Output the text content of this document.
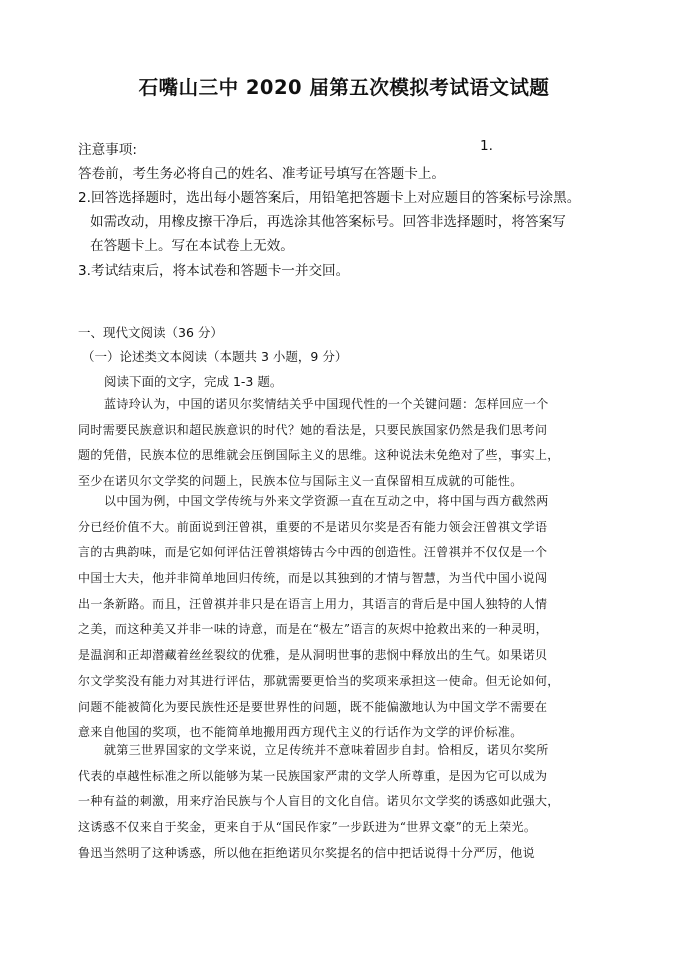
石嘴山三中 2020 届第五次模拟考试语文试题
注意事项:	1.
答卷前，考生务必将自己的姓名、准考证号填写在答题卡上。
2.回答选择题时，选出每小题答案后，用铅笔把答题卡上对应题目的答案标号涂黑。
如需改动，用橡皮擦干净后，再选涂其他答案标号。回答非选择题时，将答案写
在答题卡上。写在本试卷上无效。
3.考试结束后，将本试卷和答题卡一并交回。
一、现代文阅读（36 分）
（一）论述类文本阅读（本题共 3 小题，9 分）
阅读下面的文字，完成 1-3 题。
蓝诗玲认为，中国的诺贝尔奖情结关乎中国现代性的一个关键问题：怎样回应一个
同时需要民族意识和超民族意识的时代？她的看法是，只要民族国家仍然是我们思考问
题的凭借，民族本位的思维就会压倒国际主义的思维。这种说法未免绝对了些，事实上，
至少在诺贝尔文学奖的问题上，民族本位与国际主义一直保留相互成就的可能性。
以中国为例，中国文学传统与外来文学资源一直在互动之中，将中国与西方截然两
分已经价值不大。前面说到汪曾祺，重要的不是诺贝尔奖是否有能力领会汪曾祺文学语
言的古典韵味，而是它如何评估汪曾祺熔铸古今中西的创造性。汪曾祺并不仅仅是一个
中国士大夫，他并非简单地回归传统，而是以其独到的才情与智慧，为当代中国小说闯
出一条新路。而且，汪曾祺并非只是在语言上用力，其语言的背后是中国人独特的人情
之美，而这种美又并非一味的诗意，而是在“极左”语言的灰烬中抢救出来的一种灵明，
是温润和正却潜藏着丝丝裂纹的优雅，是从洞明世事的悲悯中释放出的生气。如果诺贝
尔文学奖没有能力对其进行评估，那就需要更恰当的奖项来承担这一使命。但无论如何，
问题不能被简化为要民族性还是要世界性的问题，既不能偏激地认为中国文学不需要在
意来自他国的奖项，也不能简单地搬用西方现代主义的行话作为文学的评价标准。
就第三世界国家的文学来说，立足传统并不意味着固步自封。恰相反，诺贝尔奖所
代表的卓越性标准之所以能够为某一民族国家严肃的文学人所尊重，是因为它可以成为
一种有益的刺激，用来疗治民族与个人盲目的文化自信。诺贝尔文学奖的诱惑如此强大，
这诱惑不仅来自于奖金，更来自于从“国民作家”一步跃进为“世界文豪”的无上荣光。
鲁迅当然明了这种诱惑，所以他在拒绝诺贝尔奖提名的信中把话说得十分严厉，他说
